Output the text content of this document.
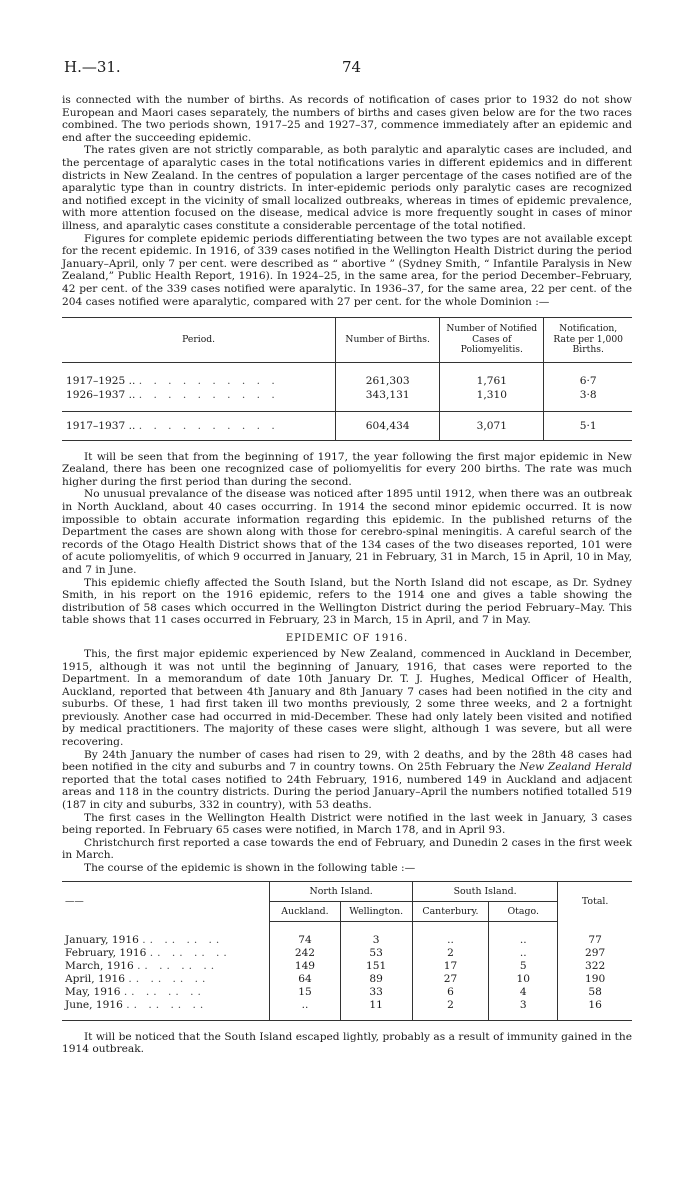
H.—31.	74

is connected with the number of births. As records of notification of cases prior to 1932 do not show European and Maori cases separately, the numbers of births and cases given below are for the two races combined. The two periods shown, 1917–25 and 1927–37, commence immediately after an epidemic and end after the succeeding epidemic.

The rates given are not strictly comparable, as both paralytic and aparalytic cases are included, and the percentage of aparalytic cases in the total notifications varies in different epidemics and in different districts in New Zealand. In the centres of population a larger percentage of the cases notified are of the aparalytic type than in country districts. In inter-epidemic periods only paralytic cases are recognized and notified except in the vicinity of small localized outbreaks, whereas in times of epidemic prevalence, with more attention focused on the disease, medical advice is more frequently sought in cases of minor illness, and aparalytic cases constitute a considerable percentage of the total notified.

Figures for complete epidemic periods differentiating between the two types are not available except for the recent epidemic. In 1916, of 339 cases notified in the Wellington Health District during the period January–April, only 7 per cent. were described as “ abortive ” (Sydney Smith, “ Infantile Paralysis in New Zealand,” Public Health Report, 1916). In 1924–25, in the same area, for the period December–February, 42 per cent. of the 339 cases notified were aparalytic. In 1936–37, for the same area, 22 per cent. of the 204 cases notified were aparalytic, compared with 27 per cent. for the whole Dominion :—

Period.	Number of Births.	Number of Notified Cases of Poliomyelitis.	Notification, Rate per 1,000 Births.
1917–1925 .. . . . . . . . . . .	261,303	1,761	6·7
1926–1937 .. . . . . . . . . . .	343,131	1,310	3·8
1917–1937 .. . . . . . . . . . .	604,434	3,071	5·1

It will be seen that from the beginning of 1917, the year following the first major epidemic in New Zealand, there has been one recognized case of poliomyelitis for every 200 births. The rate was much higher during the first period than during the second.

No unusual prevalance of the disease was noticed after 1895 until 1912, when there was an outbreak in North Auckland, about 40 cases occurring. In 1914 the second minor epidemic occurred. It is now impossible to obtain accurate information regarding this epidemic. In the published returns of the Department the cases are shown along with those for cerebro-spinal meningitis. A careful search of the records of the Otago Health District shows that of the 134 cases of the two diseases reported, 101 were of acute poliomyelitis, of which 9 occurred in January, 21 in February, 31 in March, 15 in April, 10 in May, and 7 in June.

This epidemic chiefly affected the South Island, but the North Island did not escape, as Dr. Sydney Smith, in his report on the 1916 epidemic, refers to the 1914 one and gives a table showing the distribution of 58 cases which occurred in the Wellington District during the period February–May. This table shows that 11 cases occurred in February, 23 in March, 15 in April, and 7 in May.

EPIDEMIC OF 1916.

This, the first major epidemic experienced by New Zealand, commenced in Auckland in December, 1915, although it was not until the beginning of January, 1916, that cases were reported to the Department. In a memorandum of date 10th January Dr. T. J. Hughes, Medical Officer of Health, Auckland, reported that between 4th January and 8th January 7 cases had been notified in the city and suburbs. Of these, 1 had first taken ill two months previously, 2 some three weeks, and 2 a fortnight previously. Another case had occurred in mid-December. These had only lately been visited and notified by medical practitioners. The majority of these cases were slight, although 1 was severe, but all were recovering.

By 24th January the number of cases had risen to 29, with 2 deaths, and by the 28th 48 cases had been notified in the city and suburbs and 7 in country towns. On 25th February the New Zealand Herald reported that the total cases notified to 24th February, 1916, numbered 149 in Auckland and adjacent areas and 118 in the country districts. During the period January–April the numbers notified totalled 519 (187 in city and suburbs, 332 in country), with 53 deaths.

The first cases in the Wellington Health District were notified in the last week in January, 3 cases being reported. In February 65 cases were notified, in March 178, and in April 93.

Christchurch first reported a case towards the end of February, and Dunedin 2 cases in the first week in March.

The course of the epidemic is shown in the following table :—

——	North Island.		South Island.		Total.
	Auckland.	Wellington.	Canterbury.	Otago.	
January, 1916 .. .. .. ..	74	3	..	..	77
February, 1916 .. .. .. ..	242	53	2	..	297
March, 1916 .. .. .. ..	149	151	17	5	322
April, 1916 .. .. .. ..	64	89	27	10	190
May, 1916 .. .. .. ..	15	33	6	4	58
June, 1916 .. .. .. ..	..	11	2	3	16

It will be noticed that the South Island escaped lightly, probably as a result of immunity gained in the 1914 outbreak.
